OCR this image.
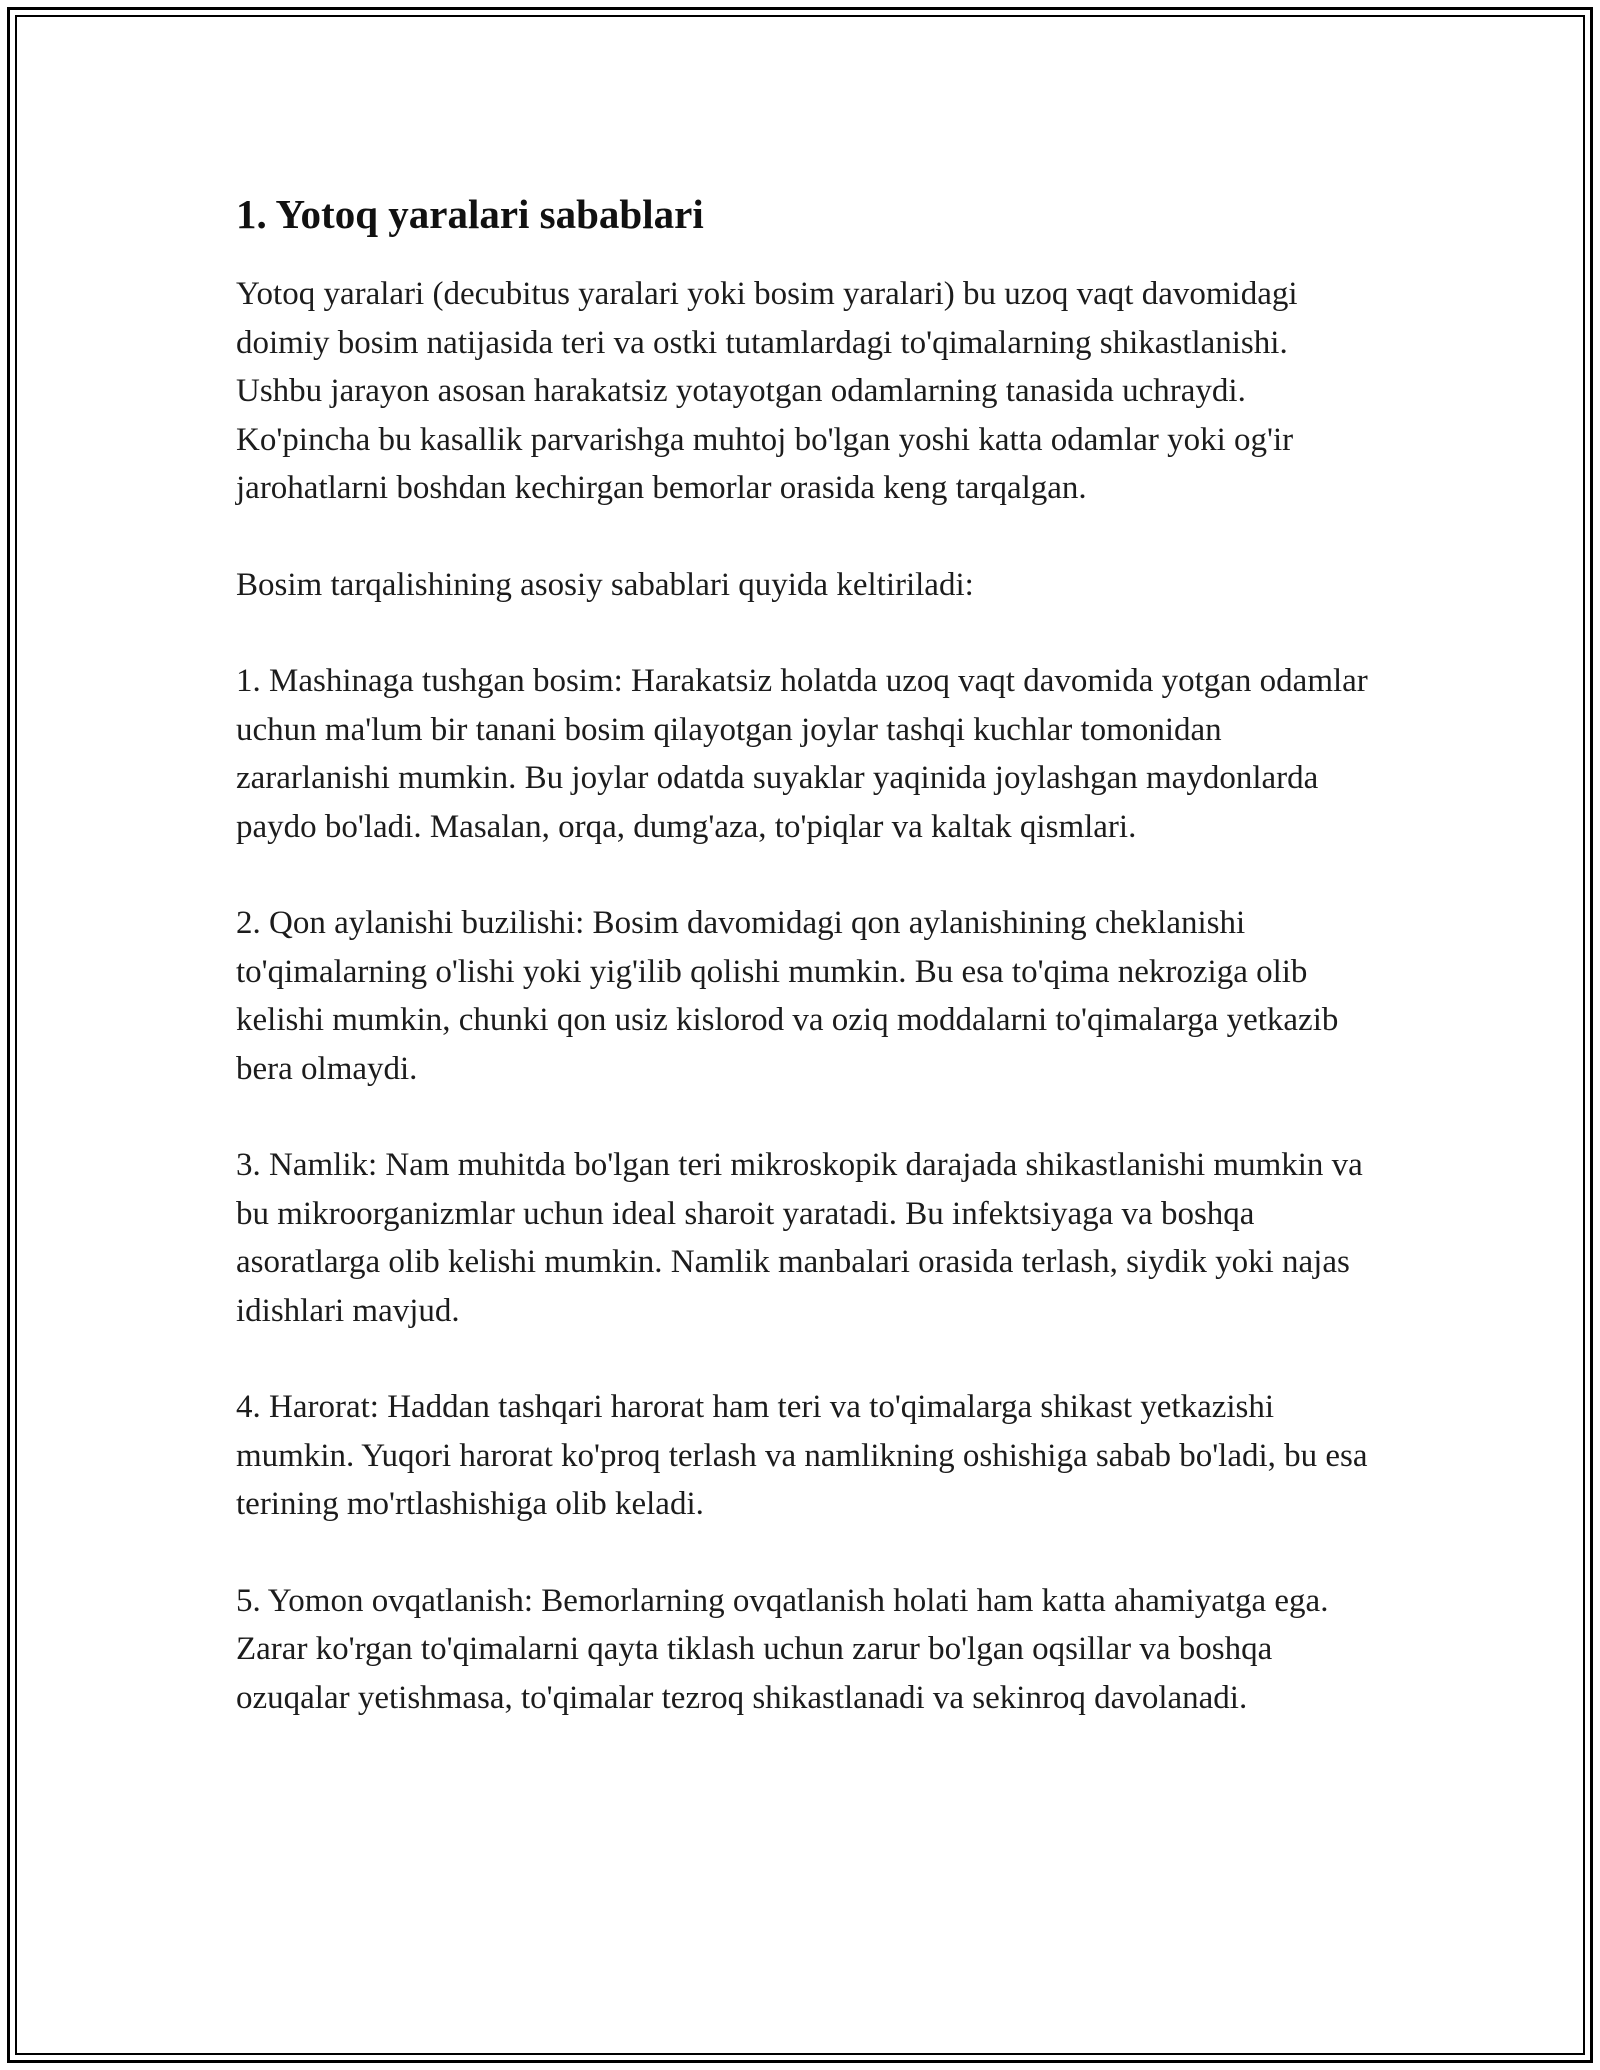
1. Yotoq yaralari sabablari

Yotoq yaralari (decubitus yaralari yoki bosim yaralari) bu uzoq vaqt davomidagi doimiy bosim natijasida teri va ostki tutamlardagi to'qimalarning shikastlanishi. Ushbu jarayon asosan harakatsiz yotayotgan odamlarning tanasida uchraydi. Ko'pincha bu kasallik parvarishga muhtoj bo'lgan yoshi katta odamlar yoki og'ir jarohatlarni boshdan kechirgan bemorlar orasida keng tarqalgan.

Bosim tarqalishining asosiy sabablari quyida keltiriladi:

1. Mashinaga tushgan bosim: Harakatsiz holatda uzoq vaqt davomida yotgan odamlar uchun ma'lum bir tanani bosim qilayotgan joylar tashqi kuchlar tomonidan zararlanishi mumkin. Bu joylar odatda suyaklar yaqinida joylashgan maydonlarda paydo bo'ladi. Masalan, orqa, dumg'aza, to'piqlar va kaltak qismlari.

2. Qon aylanishi buzilishi: Bosim davomidagi qon aylanishining cheklanishi to'qimalarning o'lishi yoki yig'ilib qolishi mumkin. Bu esa to'qima nekroziga olib kelishi mumkin, chunki qon usiz kislorod va oziq moddalarni to'qimalarga yetkazib bera olmaydi.

3. Namlik: Nam muhitda bo'lgan teri mikroskopik darajada shikastlanishi mumkin va bu mikroorganizmlar uchun ideal sharoit yaratadi. Bu infektsiyaga va boshqa asoratlarga olib kelishi mumkin. Namlik manbalari orasida terlash, siydik yoki najas idishlari mavjud.

4. Harorat: Haddan tashqari harorat ham teri va to'qimalarga shikast yetkazishi mumkin. Yuqori harorat ko'proq terlash va namlikning oshishiga sabab bo'ladi, bu esa terining mo'rtlashishiga olib keladi.

5. Yomon ovqatlanish: Bemorlarning ovqatlanish holati ham katta ahamiyatga ega. Zarar ko'rgan to'qimalarni qayta tiklash uchun zarur bo'lgan oqsillar va boshqa ozuqalar yetishmasa, to'qimalar tezroq shikastlanadi va sekinroq davolanadi.
